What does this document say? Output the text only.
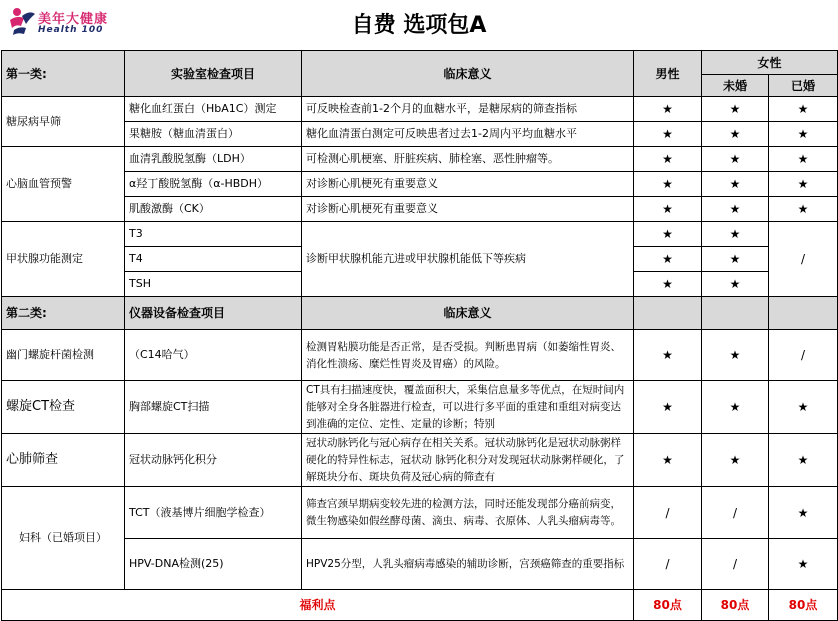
美年大健康
Health 100	自费 选项包A
第一类:	实验室检查项目	临床意义	男性	女性	
				未婚	已婚
糖尿病早筛	糖化血红蛋白（HbA1C）测定	可反映检查前1-2个月的血糖水平，是糖尿病的筛查指标	★	★	★
	果糖胺（糖血清蛋白）	糖化血清蛋白测定可反映患者过去1-2周内平均血糖水平	★	★	★
心脑血管预警	血清乳酸脱氢酶（LDH）	可检测心肌梗塞、肝脏疾病、肺栓塞、恶性肿瘤等。	★	★	★
	α羟丁酸脱氢酶（α-HBDH）	对诊断心肌梗死有重要意义	★	★	★
	肌酸激酶（CK）	对诊断心肌梗死有重要意义	★	★	★
甲状腺功能测定	T3	诊断甲状腺机能亢进或甲状腺机能低下等疾病	★	★	/
	T4		★	★	
	TSH		★	★	
第二类:	仪器设备检查项目	临床意义			
幽门螺旋杆菌检测	（C14哈气）	检测胃粘膜功能是否正常，是否受损。判断患胃病（如萎缩性胃炎、消化性溃疡、糜烂性胃炎及胃癌）的风险。	★	★	/
螺旋CT检查	胸部螺旋CT扫描	CT具有扫描速度快，覆盖面积大，采集信息量多等优点，在短时间内能够对全身各脏器进行检查，可以进行多平面的重建和重组对病变达到准确的定位、定性、定量的诊断；特别	★	★	★
心肺筛查	冠状动脉钙化积分	冠状动脉钙化与冠心病存在相关关系。冠状动脉钙化是冠状动脉粥样硬化的特异性标志，冠状动 脉钙化积分对发现冠状动脉粥样硬化，了解斑块分布、斑块负荷及冠心病的筛查有	★	★	★
妇科（已婚项目）	TCT（液基博片细胞学检查）	筛查宫颈早期病变较先进的检测方法，同时还能发现部分癌前病变，微生物感染如假丝酵母菌、滴虫、病毒、衣原体、人乳头瘤病毒等。	/	/	★
	HPV-DNA检测(25)	HPV25分型，人乳头瘤病毒感染的辅助诊断，宫颈癌筛查的重要指标	/	/	★
福利点			80点	80点	80点
